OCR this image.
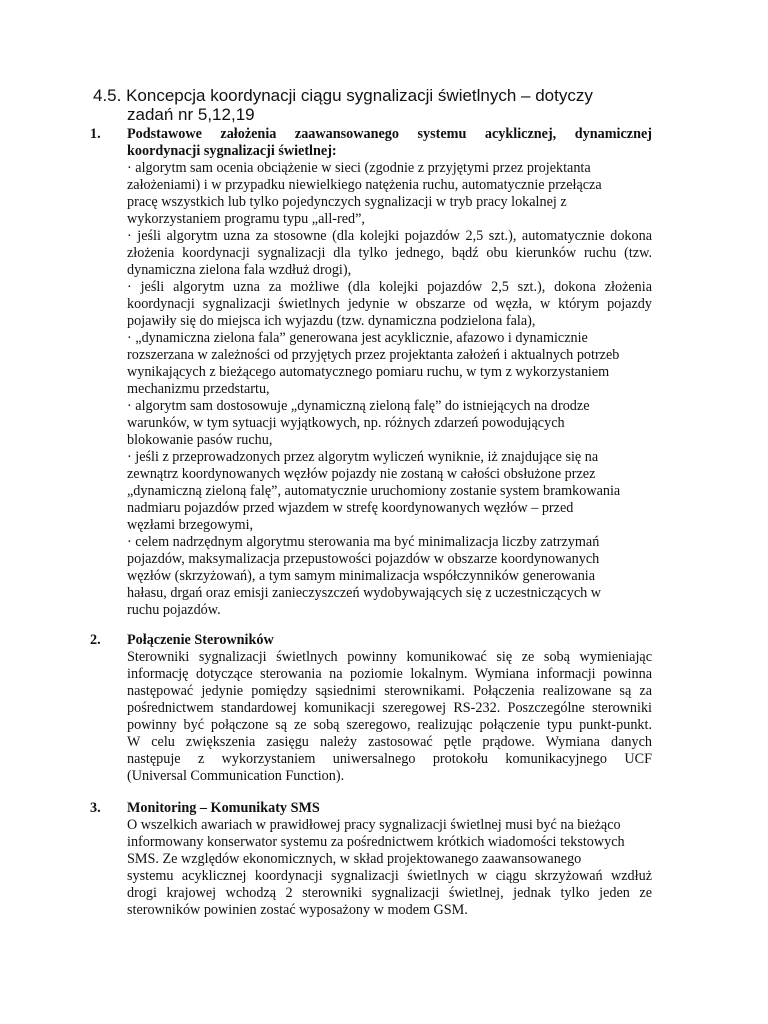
4.5. Koncepcja koordynacji ciągu sygnalizacji świetlnych – dotyczy
zadań nr 5,12,19
1. Podstawowe założenia zaawansowanego systemu acyklicznej, dynamicznej
koordynacji sygnalizacji świetlnej:
· algorytm sam ocenia obciążenie w sieci (zgodnie z przyjętymi przez projektanta
założeniami) i w przypadku niewielkiego natężenia ruchu, automatycznie przełącza
pracę wszystkich lub tylko pojedynczych sygnalizacji w tryb pracy lokalnej z
wykorzystaniem programu typu „all-red”,
· jeśli algorytm uzna za stosowne (dla kolejki pojazdów 2,5 szt.), automatycznie dokona
złożenia koordynacji sygnalizacji dla tylko jednego, bądź obu kierunków ruchu (tzw.
dynamiczna zielona fala wzdłuż drogi),
· jeśli algorytm uzna za możliwe (dla kolejki pojazdów 2,5 szt.), dokona złożenia
koordynacji sygnalizacji świetlnych jedynie w obszarze od węzła, w którym pojazdy
pojawiły się do miejsca ich wyjazdu (tzw. dynamiczna podzielona fala),
· „dynamiczna zielona fala” generowana jest acyklicznie, afazowo i dynamicznie
rozszerzana w zależności od przyjętych przez projektanta założeń i aktualnych potrzeb
wynikających z bieżącego automatycznego pomiaru ruchu, w tym z wykorzystaniem
mechanizmu przedstartu,
· algorytm sam dostosowuje „dynamiczną zieloną falę” do istniejących na drodze
warunków, w tym sytuacji wyjątkowych, np. różnych zdarzeń powodujących
blokowanie pasów ruchu,
· jeśli z przeprowadzonych przez algorytm wyliczeń wyniknie, iż znajdujące się na
zewnątrz koordynowanych węzłów pojazdy nie zostaną w całości obsłużone przez
„dynamiczną zieloną falę”, automatycznie uruchomiony zostanie system bramkowania
nadmiaru pojazdów przed wjazdem w strefę koordynowanych węzłów – przed
węzłami brzegowymi,
· celem nadrzędnym algorytmu sterowania ma być minimalizacja liczby zatrzymań
pojazdów, maksymalizacja przepustowości pojazdów w obszarze koordynowanych
węzłów (skrzyżowań), a tym samym minimalizacja współczynników generowania
hałasu, drgań oraz emisji zanieczyszczeń wydobywających się z uczestniczących w
ruchu pojazdów.
2. Połączenie Sterowników
Sterowniki sygnalizacji świetlnych powinny komunikować się ze sobą wymieniając
informację dotyczące sterowania na poziomie lokalnym. Wymiana informacji powinna
następować jedynie pomiędzy sąsiednimi sterownikami. Połączenia realizowane są za
pośrednictwem standardowej komunikacji szeregowej RS-232. Poszczególne sterowniki
powinny być połączone są ze sobą szeregowo, realizując połączenie typu punkt-punkt.
W celu zwiększenia zasięgu należy zastosować pętle prądowe. Wymiana danych
następuje z wykorzystaniem uniwersalnego protokołu komunikacyjnego UCF
(Universal Communication Function).
3. Monitoring – Komunikaty SMS
O wszelkich awariach w prawidłowej pracy sygnalizacji świetlnej musi być na bieżąco
informowany konserwator systemu za pośrednictwem krótkich wiadomości tekstowych
SMS. Ze względów ekonomicznych, w skład projektowanego zaawansowanego
systemu acyklicznej koordynacji sygnalizacji świetlnych w ciągu skrzyżowań wzdłuż
drogi krajowej wchodzą 2 sterowniki sygnalizacji świetlnej, jednak tylko jeden ze
sterowników powinien zostać wyposażony w modem GSM.
